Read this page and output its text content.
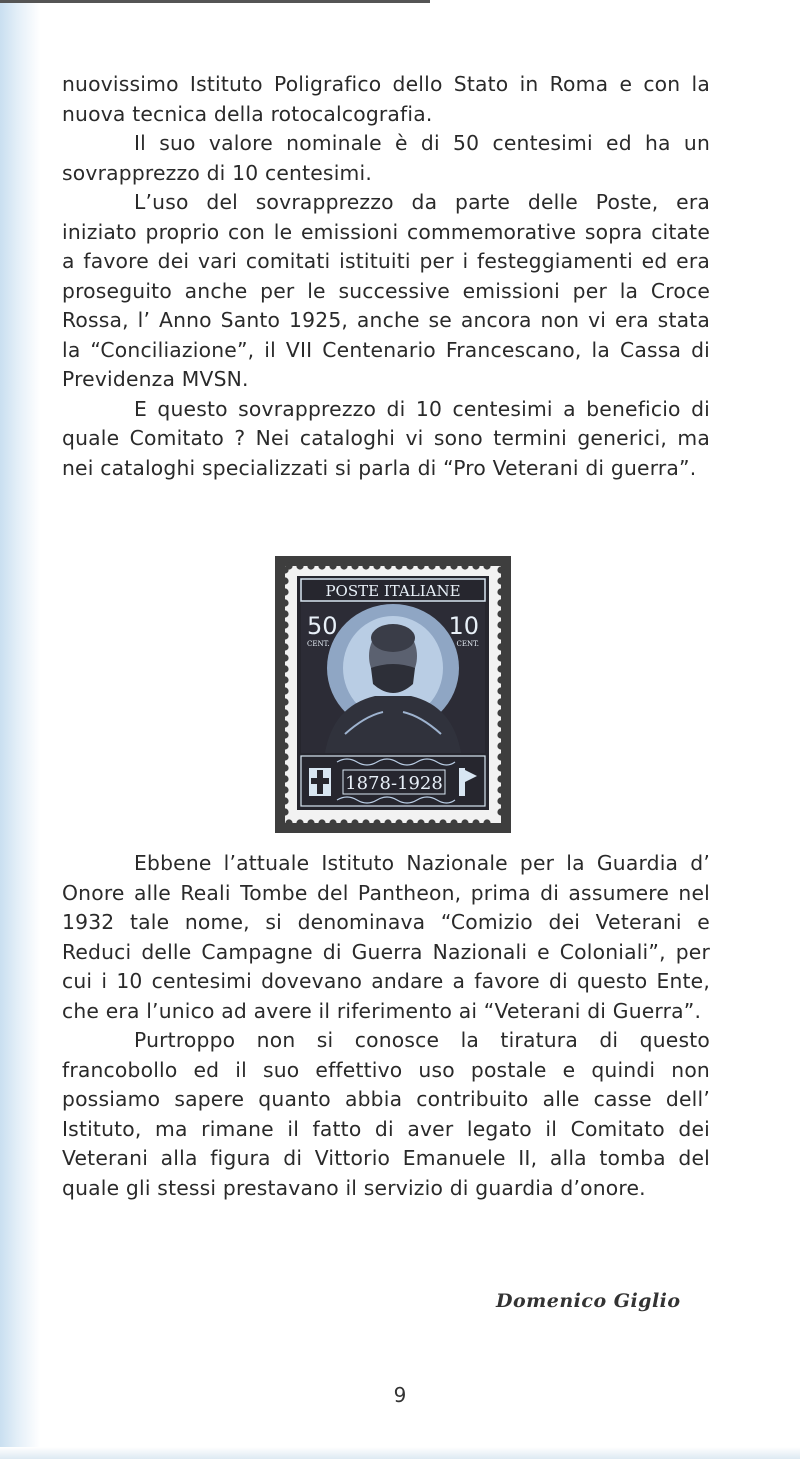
nuovissimo Istituto Poligrafico dello Stato in Roma e con la nuova tecnica della rotocalcografia.

Il suo valore nominale è di 50 centesimi ed ha un sovrapprezzo di 10 centesimi.

L’uso del sovrapprezzo da parte delle Poste, era iniziato proprio con le emissioni commemorative sopra citate a favore dei vari comitati istituiti per i festeggiamenti ed era proseguito anche per le successive emissioni per la Croce Rossa, l’ Anno Santo 1925, anche se ancora non vi era stata la “Conciliazione”, il VII Centenario Francescano, la Cassa di Previdenza MVSN.

E questo sovrapprezzo di 10 centesimi a beneficio di quale Comitato ? Nei cataloghi vi sono termini generici, ma nei cataloghi specializzati si parla di “Pro Veterani di guerra”.

POSTE ITALIANE
50
CENT.
10
CENT.
1878-1928

Ebbene l’attuale Istituto Nazionale per la Guardia d’ Onore alle Reali Tombe del Pantheon, prima di assumere nel 1932 tale nome, si denominava “Comizio dei Veterani e Reduci delle Campagne di Guerra Nazionali e Coloniali”, per cui i 10 centesimi dovevano andare a favore di questo Ente, che era l’unico ad avere il riferimento ai “Veterani di Guerra”.

Purtroppo non si conosce la tiratura di questo francobollo ed il suo effettivo uso postale e quindi non possiamo sapere quanto abbia contribuito alle casse dell’ Istituto, ma rimane il fatto di aver legato il Comitato dei Veterani alla figura di Vittorio Emanuele II, alla tomba del quale gli stessi prestavano il servizio di guardia d’onore.

Domenico Giglio
9
